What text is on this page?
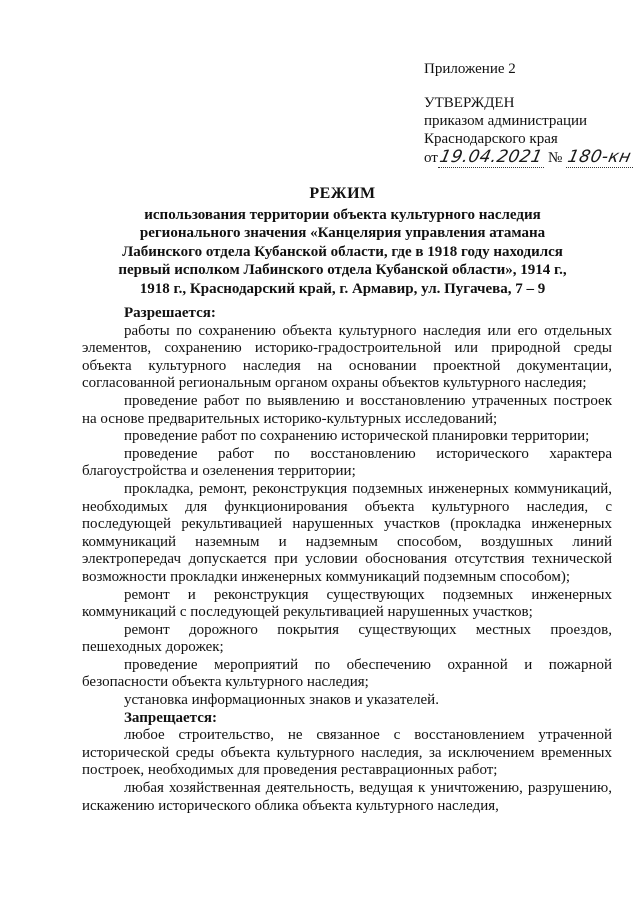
Приложение 2
УТВЕРЖДЕН
приказом администрации
Краснодарского края
от19.04.2021 № 180-кн
РЕЖИМ
использования территории объекта культурного наследия регионального значения «Канцелярия управления атамана Лабинского отдела Кубанской области, где в 1918 году находился первый исполком Лабинского отдела Кубанской области», 1914 г., 1918 г., Краснодарский край, г. Армавир, ул. Пугачева, 7 – 9

Разрешается:

работы по сохранению объекта культурного наследия или его отдельных элементов, сохранению историко-градостроительной или природной среды объекта культурного наследия на основании проектной документации, согласованной региональным органом охраны объектов культурного наследия;

проведение работ по выявлению и восстановлению утраченных построек на основе предварительных историко-культурных исследований;

проведение работ по сохранению исторической планировки территории;

проведение работ по восстановлению исторического характера благоустройства и озеленения территории;

прокладка, ремонт, реконструкция подземных инженерных коммуникаций, необходимых для функционирования объекта культурного наследия, с последующей рекультивацией нарушенных участков (прокладка инженерных коммуникаций наземным и надземным способом, воздушных линий электропередач допускается при условии обоснования отсутствия технической возможности прокладки инженерных коммуникаций подземным способом);

ремонт и реконструкция существующих подземных инженерных коммуникаций с последующей рекультивацией нарушенных участков;

ремонт дорожного покрытия существующих местных проездов, пешеходных дорожек;

проведение мероприятий по обеспечению охранной и пожарной безопасности объекта культурного наследия;

установка информационных знаков и указателей.

Запрещается:

любое строительство, не связанное с восстановлением утраченной исторической среды объекта культурного наследия, за исключением временных построек, необходимых для проведения реставрационных работ;

любая хозяйственная деятельность, ведущая к уничтожению, разрушению, искажению исторического облика объекта культурного наследия,
